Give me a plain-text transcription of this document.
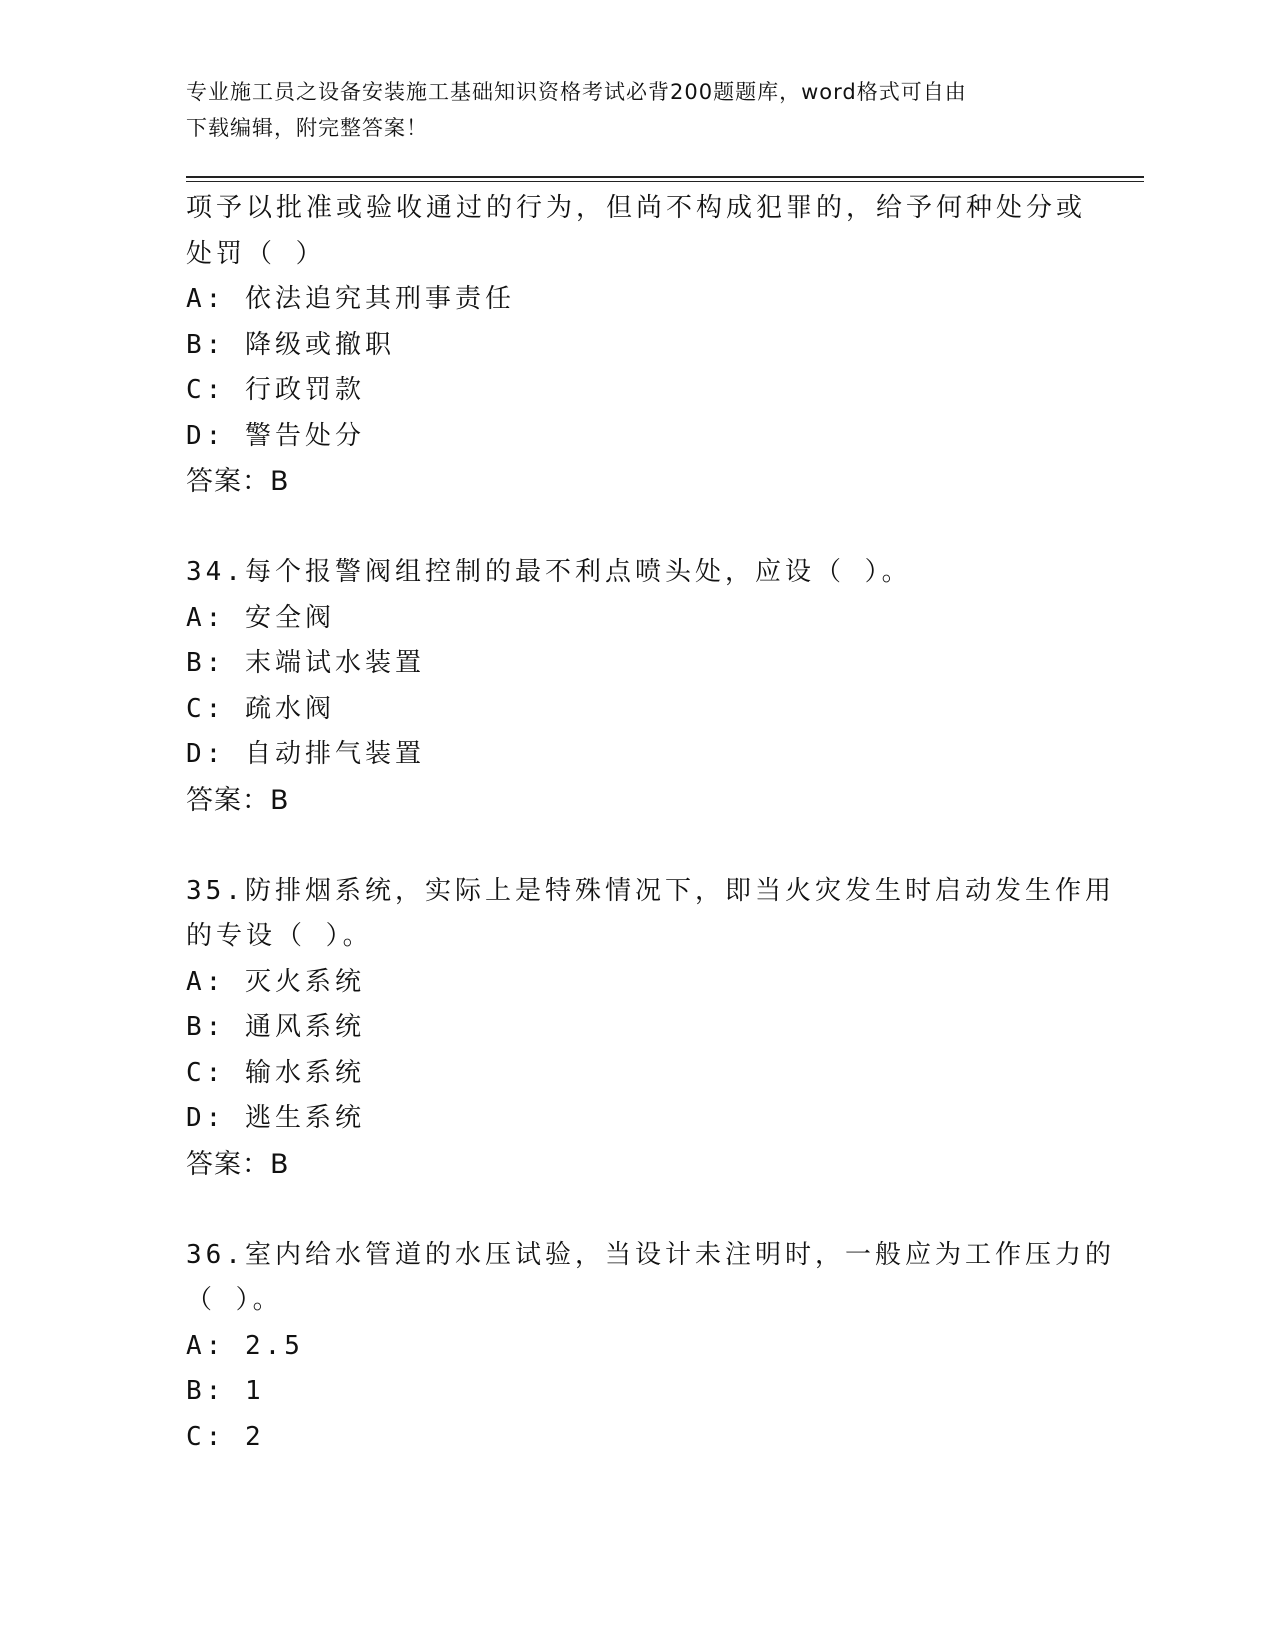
专业施工员之设备安装施工基础知识资格考试必背200题题库，word格式可自由
下载编辑，附完整答案！
项予以批准或验收通过的行为，但尚不构成犯罪的，给予何种处分或
处罚（ ）
A: 依法追究其刑事责任
B: 降级或撤职
C: 行政罚款
D: 警告处分
答案：B
34.每个报警阀组控制的最不利点喷头处，应设（ ）。
A: 安全阀
B: 末端试水装置
C: 疏水阀
D: 自动排气装置
答案：B
35.防排烟系统，实际上是特殊情况下，即当火灾发生时启动发生作用
的专设（ ）。
A: 灭火系统
B: 通风系统
C: 输水系统
D: 逃生系统
答案：B
36.室内给水管道的水压试验，当设计未注明时，一般应为工作压力的
（ ）。
A: 2.5
B: 1
C: 2
